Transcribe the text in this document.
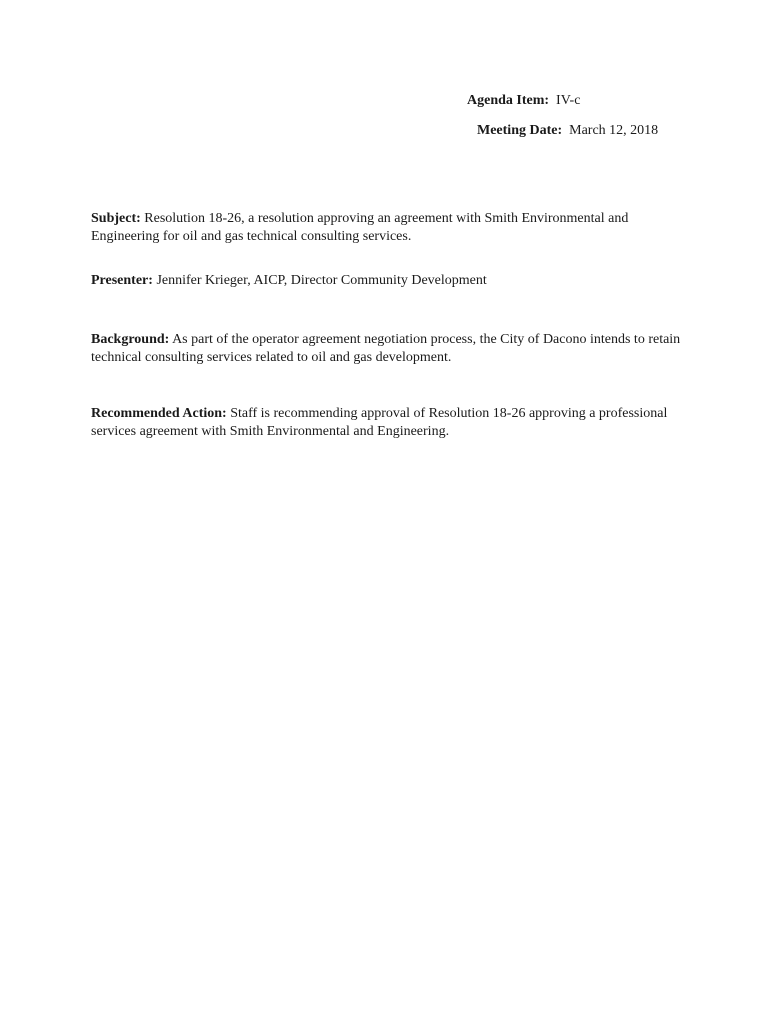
Agenda Item: IV-c
Meeting Date: March 12, 2018
Subject: Resolution 18-26, a resolution approving an agreement with Smith Environmental and Engineering for oil and gas technical consulting services.
Presenter: Jennifer Krieger, AICP, Director Community Development
Background: As part of the operator agreement negotiation process, the City of Dacono intends to retain technical consulting services related to oil and gas development.
Recommended Action: Staff is recommending approval of Resolution 18-26 approving a professional services agreement with Smith Environmental and Engineering.
